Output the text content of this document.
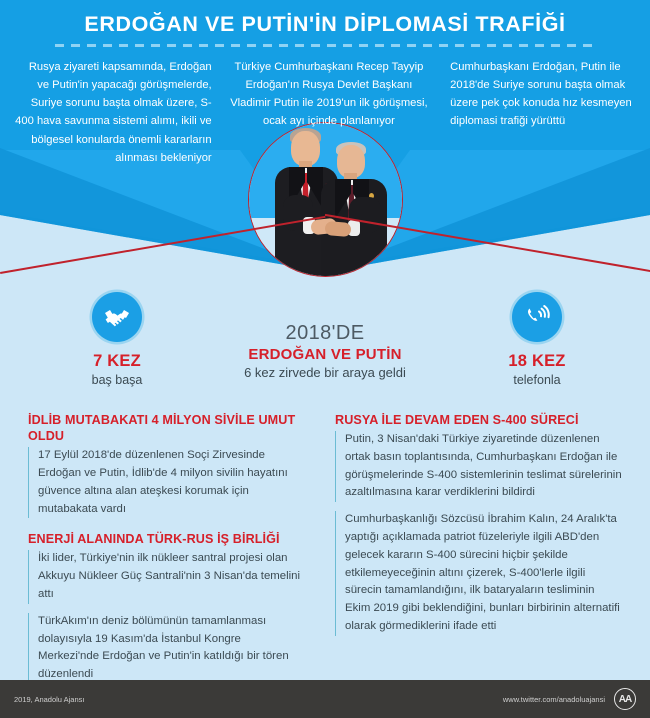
ERDOĞAN VE PUTİN'İN DİPLOMASİ TRAFİĞİ
Rusya ziyareti kapsamında, Erdoğan ve Putin'in yapacağı görüşmelerde, Suriye sorunu başta olmak üzere, S-400 hava savunma sistemi alımı, ikili ve bölgesel konularda önemli kararların alınması bekleniyor
Türkiye Cumhurbaşkanı Recep Tayyip Erdoğan'ın Rusya Devlet Başkanı Vladimir Putin ile 2019'un ilk görüşmesi, ocak ayı içinde planlanıyor
Cumhurbaşkanı Erdoğan, Putin ile 2018'de Suriye sorunu başta olmak üzere pek çok konuda hız kesmeyen diplomasi trafiği yürüttü
7 KEZ
baş başa
2018'DE
ERDOĞAN VE PUTİN
6 kez zirvede bir araya geldi
18 KEZ
telefonla
İDLİB MUTABAKATI 4 MİLYON SİVİLE UMUT OLDU
17 Eylül 2018'de düzenlenen Soçi Zirvesinde Erdoğan ve Putin, İdlib'de 4 milyon sivilin hayatını güvence altına alan ateşkesi korumak için mutabakata vardı
ENERJİ ALANINDA TÜRK-RUS İŞ BİRLİĞİ
İki lider, Türkiye'nin ilk nükleer santral projesi olan Akkuyu Nükleer Güç Santrali'nin 3 Nisan'da temelini attı
TürkAkım'ın deniz bölümünün tamamlanması dolayısıyla 19 Kasım'da İstanbul Kongre Merkezi'nde Erdoğan ve Putin'in katıldığı bir tören düzenlendi
RUSYA İLE DEVAM EDEN S-400 SÜRECİ
Putin, 3 Nisan'daki Türkiye ziyaretinde düzenlenen ortak basın toplantısında, Cumhurbaşkanı Erdoğan ile görüşmelerinde S-400 sistemlerinin teslimat sürelerinin azaltılmasına karar verdiklerini bildirdi
Cumhurbaşkanlığı Sözcüsü İbrahim Kalın, 24 Aralık'ta yaptığı açıklamada patriot füzeleriyle ilgili ABD'den gelecek kararın S-400 sürecini hiçbir şekilde etkilemeyeceğinin altını çizerek, S-400'lerle ilgili sürecin tamamlandığını, ilk bataryaların tesliminin Ekim 2019 gibi beklendiğini, bunları birbirinin alternatifi olarak görmediklerini ifade etti
2019, Anadolu Ajansı	www.twitter.com/anadoluajansi	AA
